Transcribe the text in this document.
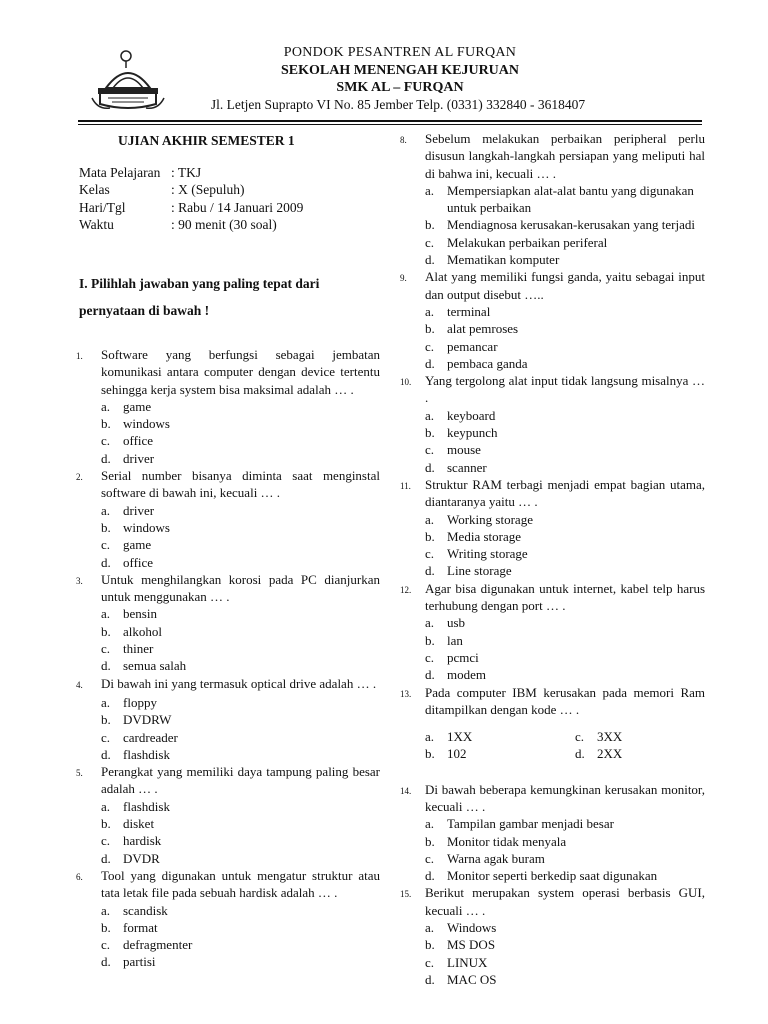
PONDOK PESANTREN AL FURQAN
SEKOLAH MENENGAH KEJURUAN
SMK AL – FURQAN
Jl. Letjen Suprapto VI No. 85 Jember Telp. (0331) 332840 - 3618407
UJIAN AKHIR SEMESTER 1
Mata Pelajaran : TKJ
Kelas	: X (Sepuluh)
Hari/Tgl	: Rabu / 14 Januari 2009
Waktu	: 90 menit (30 soal)
I. Pilihlah jawaban yang paling tepat dari pernyataan di bawah !
1.	Software yang berfungsi sebagai jembatan komunikasi antara computer dengan device tertentu sehingga kerja system bisa maksimal adalah … .
a. game
b. windows
c. office
d. driver
2.	Serial number bisanya diminta saat menginstal software di bawah ini, kecuali … .
a. driver
b. windows
c. game
d. office
3.	Untuk menghilangkan korosi pada PC dianjurkan untuk menggunakan … .
a. bensin
b. alkohol
c. thiner
d. semua salah
4.	Di bawah ini yang termasuk optical drive adalah … .
a. floppy
b. DVDRW
c. cardreader
d. flashdisk
5.	Perangkat yang memiliki daya tampung paling besar adalah … .
a. flashdisk
b. disket
c. hardisk
d. DVDR
6.	Tool yang digunakan untuk mengatur struktur atau tata letak file pada sebuah hardisk adalah … .
a. scandisk
b. format
c. defragmenter
d. partisi
8.	Sebelum melakukan perbaikan peripheral perlu disusun langkah-langkah persiapan yang meliputi hal di bahwa ini, kecuali … .
a. Mempersiapkan alat-alat bantu yang digunakan untuk perbaikan
b. Mendiagnosa kerusakan-kerusakan yang terjadi
c. Melakukan perbaikan periferal
d. Mematikan komputer
9.	Alat yang memiliki fungsi ganda, yaitu sebagai input dan output disebut …..
a. terminal
b. alat pemroses
c. pemancar
d. pembaca ganda
10.	Yang tergolong alat input tidak langsung misalnya … .
a. keyboard
b. keypunch
c. mouse
d. scanner
11.	Struktur RAM terbagi menjadi empat bagian utama, diantaranya yaitu … .
a. Working storage
b. Media storage
c. Writing storage
d. Line storage
12.	Agar bisa digunakan untuk internet, kabel telp harus terhubung dengan port … .
a. usb
b. lan
c. pcmci
d. modem
13.	Pada computer IBM kerusakan pada memori Ram ditampilkan dengan kode … .
a. 1XX	c. 3XX
b. 102	d. 2XX
14.	Di bawah beberapa kemungkinan kerusakan monitor, kecuali … .
a. Tampilan gambar menjadi besar
b. Monitor tidak menyala
c. Warna agak buram
d. Monitor seperti berkedip saat digunakan
15.	Berikut merupakan system operasi berbasis GUI, kecuali … .
a. Windows
b. MS DOS
c. LINUX
d. MAC OS
